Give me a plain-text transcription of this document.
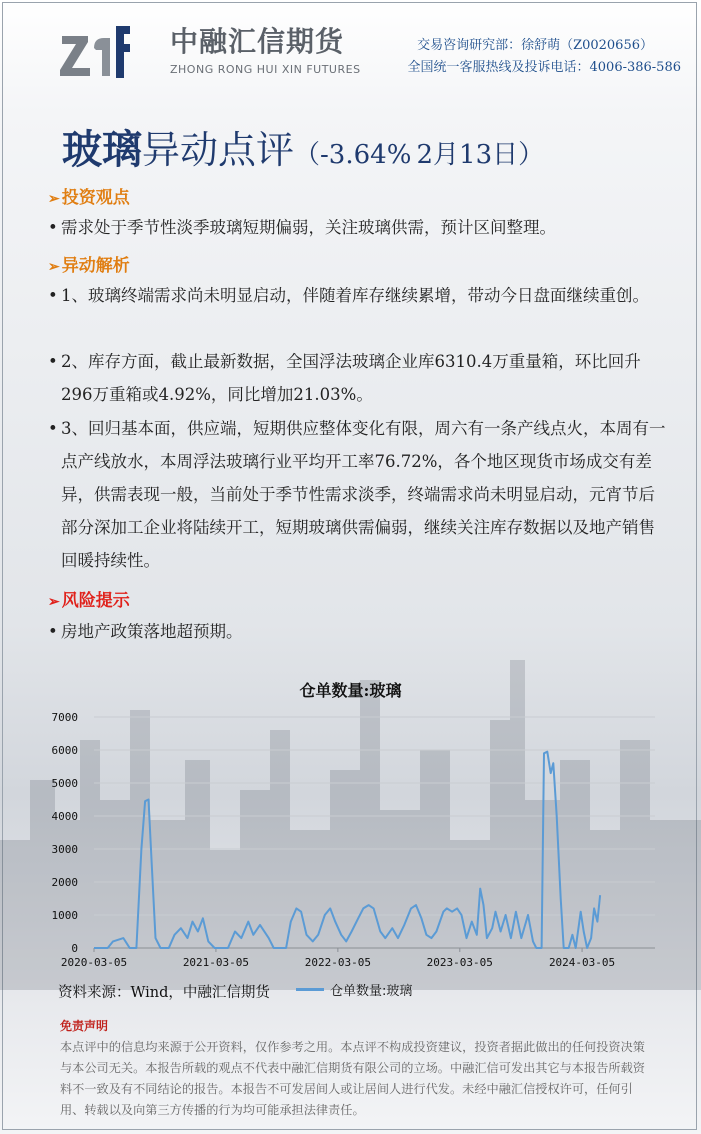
中融汇信期货
ZHONG RONG HUI XIN FUTURES
交易咨询研究部：徐舒萌（Z0020656）
全国统一客服热线及投诉电话：4006-386-586
玻璃异动点评（-3.64% 2月13日）
➢ 投资观点
• 需求处于季节性淡季玻璃短期偏弱，关注玻璃供需，预计区间整理。
➢ 异动解析
• 1、玻璃终端需求尚未明显启动，伴随着库存继续累增，带动今日盘面继续重创。
• 2、库存方面，截止最新数据，全国浮法玻璃企业库6310.4万重量箱，环比回升296万重箱或4.92%，同比增加21.03%。
• 3、回归基本面，供应端，短期供应整体变化有限，周六有一条产线点火，本周有一点产线放水，本周浮法玻璃行业平均开工率76.72%，各个地区现货市场成交有差异，供需表现一般，当前处于季节性需求淡季，终端需求尚未明显启动，元宵节后部分深加工企业将陆续开工，短期玻璃供需偏弱，继续关注库存数据以及地产销售回暖持续性。
➢ 风险提示
• 房地产政策落地超预期。
仓单数量:玻璃
0
1000
2000
3000
4000
5000
6000
7000
2020-03-05	2021-03-05	2022-03-05	2023-03-05	2024-03-05
资料来源：Wind，中融汇信期货	仓单数量:玻璃
免责声明
本点评中的信息均来源于公开资料，仅作参考之用。本点评不构成投资建议，投资者据此做出的任何投资决策与本公司无关。本报告所载的观点不代表中融汇信期货有限公司的立场。中融汇信可发出其它与本报告所载资料不一致及有不同结论的报告。本报告不可发居间人或让居间人进行代发。未经中融汇信授权许可，任何引用、转载以及向第三方传播的行为均可能承担法律责任。
